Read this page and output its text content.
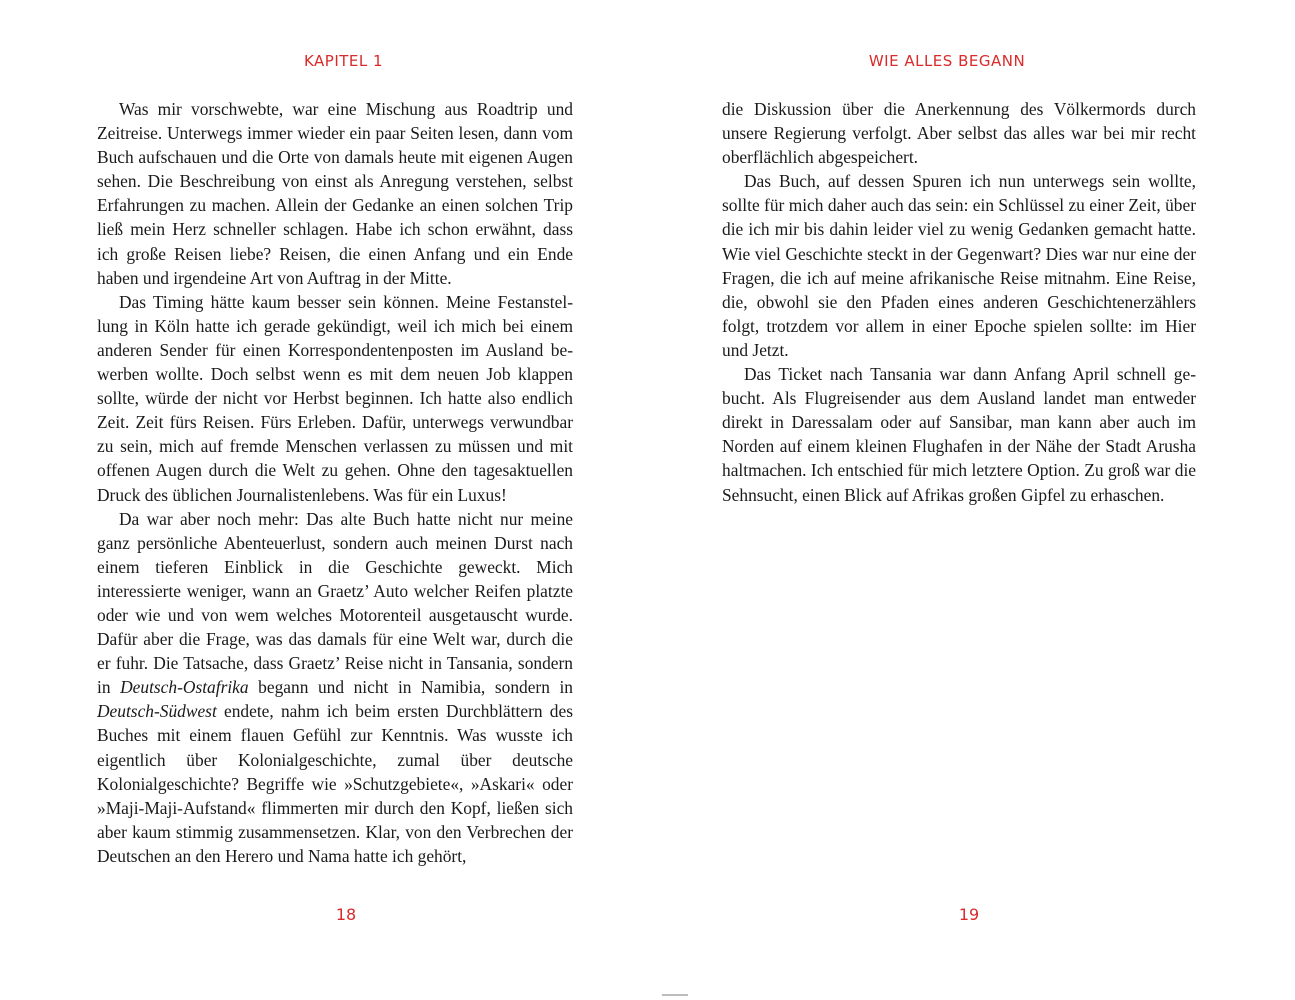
KAPITEL 1

Was mir vorschwebte, war eine Mischung aus Roadtrip und Zeitreise. Unterwegs immer wieder ein paar Seiten lesen, dann vom Buch aufschauen und die Orte von damals heute mit eigenen Augen sehen. Die Beschreibung von einst als Anregung verstehen, selbst Erfahrungen zu machen. Allein der Gedanke an einen solchen Trip ließ mein Herz schneller schlagen. Habe ich schon erwähnt, dass ich große Reisen liebe? Reisen, die einen Anfang und ein Ende haben und irgendeine Art von Auftrag in der Mitte.

Das Timing hätte kaum besser sein können. Meine Festanstellung in Köln hatte ich gerade gekündigt, weil ich mich bei einem anderen Sender für einen Korrespondentenposten im Ausland bewerben wollte. Doch selbst wenn es mit dem neuen Job klappen sollte, würde der nicht vor Herbst beginnen. Ich hatte also endlich Zeit. Zeit fürs Reisen. Fürs Erleben. Dafür, unterwegs verwundbar zu sein, mich auf fremde Menschen verlassen zu müssen und mit offenen Augen durch die Welt zu gehen. Ohne den tagesaktuellen Druck des üblichen Journalistenlebens. Was für ein Luxus!

Da war aber noch mehr: Das alte Buch hatte nicht nur meine ganz persönliche Abenteuerlust, sondern auch meinen Durst nach einem tieferen Einblick in die Geschichte geweckt. Mich interessierte weniger, wann an Graetz’ Auto welcher Reifen platzte oder wie und von wem welches Motorenteil ausgetauscht wurde. Dafür aber die Frage, was das damals für eine Welt war, durch die er fuhr. Die Tatsache, dass Graetz’ Reise nicht in Tansania, sondern in Deutsch-Ostafrika begann und nicht in Namibia, sondern in Deutsch-Südwest endete, nahm ich beim ersten Durchblättern des Buches mit einem flauen Gefühl zur Kenntnis. Was wusste ich eigentlich über Kolonialgeschichte, zumal über deutsche Kolonialgeschichte? Begriffe wie »Schutzgebiete«, »Askari« oder »Maji-Maji-Aufstand« flimmerten mir durch den Kopf, ließen sich aber kaum stimmig zusammensetzen. Klar, von den Verbrechen der Deutschen an den Herero und Nama hatte ich gehört,

18
WIE ALLES BEGANN

die Diskussion über die Anerkennung des Völkermords durch unsere Regierung verfolgt. Aber selbst das alles war bei mir recht oberflächlich abgespeichert.

Das Buch, auf dessen Spuren ich nun unterwegs sein wollte, sollte für mich daher auch das sein: ein Schlüssel zu einer Zeit, über die ich mir bis dahin leider viel zu wenig Gedanken gemacht hatte. Wie viel Geschichte steckt in der Gegenwart? Dies war nur eine der Fragen, die ich auf meine afrikanische Reise mitnahm. Eine Reise, die, obwohl sie den Pfaden eines anderen Geschichtenerzählers folgt, trotzdem vor allem in einer Epoche spielen sollte: im Hier und Jetzt.

Das Ticket nach Tansania war dann Anfang April schnell gebucht. Als Flugreisender aus dem Ausland landet man entweder direkt in Daressalam oder auf Sansibar, man kann aber auch im Norden auf einem kleinen Flughafen in der Nähe der Stadt Arusha haltmachen. Ich entschied für mich letztere Option. Zu groß war die Sehnsucht, einen Blick auf Afrikas großen Gipfel zu erhaschen.

19
